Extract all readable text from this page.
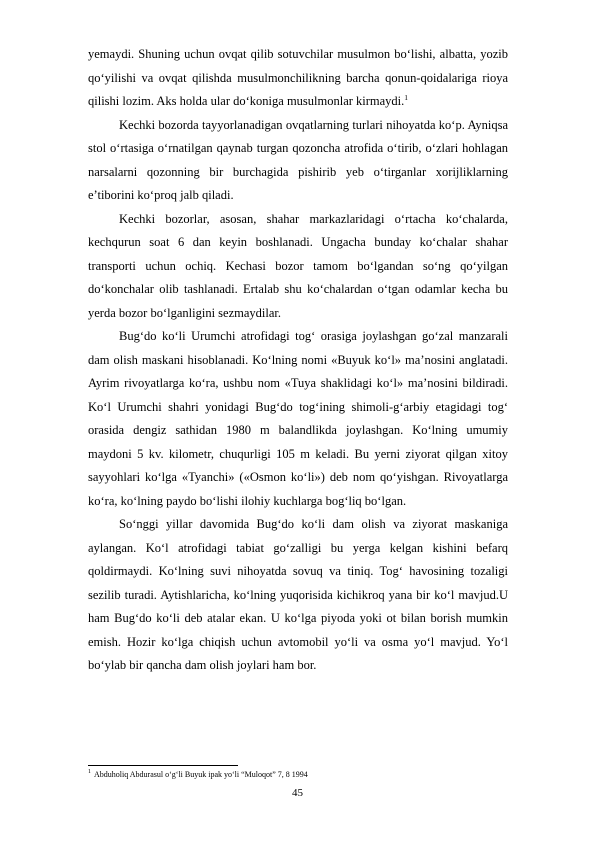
yemaydi. Shuning uchun ovqat qilib sotuvchilar musulmon bo‘lishi, albatta, yozib qo‘yilishi va ovqat qilishda musulmonchilikning barcha qonun-qoidalariga rioya qilishi lozim. Aks holda ular do‘koniga musulmonlar kirmaydi.$^1$

Kechki bozorda tayyorlanadigan ovqatlarning turlari nihoyatda ko‘p. Ayniqsa stol o‘rtasiga o‘rnatilgan qaynab turgan qozoncha atrofida o‘tirib, o‘zlari hohlagan narsalarni qozonning bir burchagida pishirib yeb o‘tirganlar xorijliklarning e’tiborini ko‘proq jalb qiladi.

Kechki bozorlar, asosan, shahar markazlaridagi o‘rtacha ko‘chalarda, kechqurun soat 6 dan keyin boshlanadi. Ungacha bunday ko‘chalar shahar transporti uchun ochiq. Kechasi bozor tamom bo‘lgandan so‘ng qo‘yilgan do‘konchalar olib tashlanadi. Ertalab shu ko‘chalardan o‘tgan odamlar kecha bu yerda bozor bo‘lganligini sezmaydilar.

Bug‘do ko‘li Urumchi atrofidagi tog‘ orasiga joylashgan go‘zal manzarali dam olish maskani hisoblanadi. Ko‘lning nomi «Buyuk ko‘l» ma’nosini anglatadi. Ayrim rivoyatlarga ko‘ra, ushbu nom «Tuya shaklidagi ko‘l» ma’nosini bildiradi. Ko‘l Urumchi shahri yonidagi Bug‘do tog‘ining shimoli-g‘arbiy etagidagi tog‘ orasida dengiz sathidan 1980 m balandlikda joylashgan. Ko‘lning umumiy maydoni 5 kv. kilometr, chuqurligi 105 m keladi. Bu yerni ziyorat qilgan xitoy sayyohlari ko‘lga «Tyanchi» («Osmon ko‘li») deb nom qo‘yishgan. Rivoyatlarga ko‘ra, ko‘lning paydo bo‘lishi ilohiy kuchlarga bog‘liq bo‘lgan.

So‘nggi yillar davomida Bug‘do ko‘li dam olish va ziyorat maskaniga aylangan. Ko‘l atrofidagi tabiat go‘zalligi bu yerga kelgan kishini befarq qoldirmaydi. Ko‘lning suvi nihoyatda sovuq va tiniq. Tog‘ havosining tozaligi sezilib turadi. Aytishlaricha, ko‘lning yuqorisida kichikroq yana bir ko‘l mavjud.U ham Bug‘do ko‘li deb atalar ekan. U ko‘lga piyoda yoki ot bilan borish mumkin emish. Hozir ko‘lga chiqish uchun avtomobil yo‘li va osma yo‘l mavjud. Yo‘l bo‘ylab bir qancha dam olish joylari ham bor.

$^1$ Abduholiq Abdurasul o‘g‘li Buyuk ipak yo‘li “Muloqot” 7, 8 1994
45
